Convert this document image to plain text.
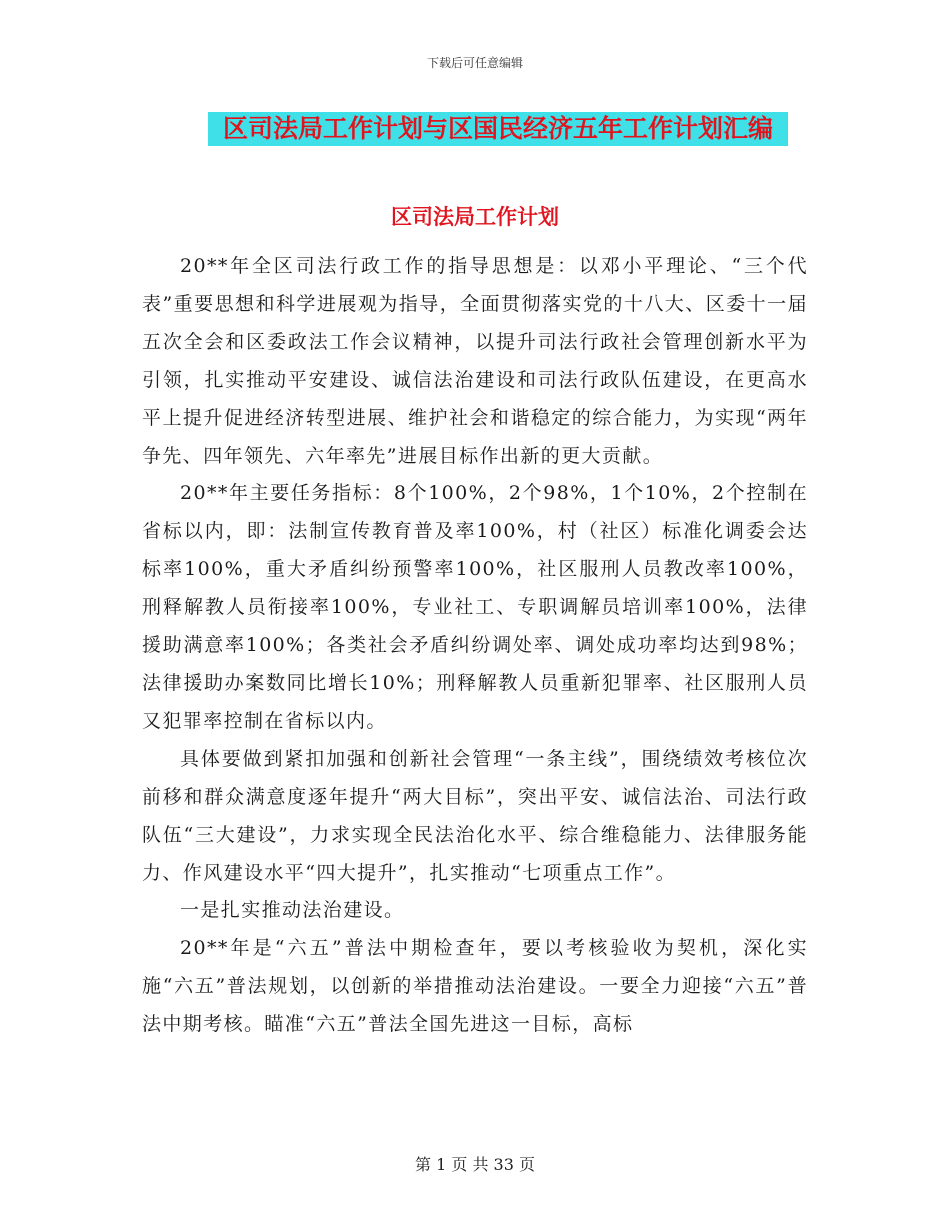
下载后可任意编辑
区司法局工作计划与区国民经济五年工作计划汇编
区司法局工作计划

20**年全区司法行政工作的指导思想是：以邓小平理论、“三个代表”重要思想和科学进展观为指导，全面贯彻落实党的十八大、区委十一届五次全会和区委政法工作会议精神，以提升司法行政社会管理创新水平为引领，扎实推动平安建设、诚信法治建设和司法行政队伍建设，在更高水平上提升促进经济转型进展、维护社会和谐稳定的综合能力，为实现“两年争先、四年领先、六年率先”进展目标作出新的更大贡献。

20**年主要任务指标：8个100%，2个98%，1个10%，2个控制在省标以内，即：法制宣传教育普及率100%，村（社区）标准化调委会达标率100%，重大矛盾纠纷预警率100%，社区服刑人员教改率100%，刑释解教人员衔接率100%，专业社工、专职调解员培训率100%，法律援助满意率100%；各类社会矛盾纠纷调处率、调处成功率均达到98%；法律援助办案数同比增长10%；刑释解教人员重新犯罪率、社区服刑人员又犯罪率控制在省标以内。

具体要做到紧扣加强和创新社会管理“一条主线”，围绕绩效考核位次前移和群众满意度逐年提升“两大目标”，突出平安、诚信法治、司法行政队伍“三大建设”，力求实现全民法治化水平、综合维稳能力、法律服务能力、作风建设水平“四大提升”，扎实推动“七项重点工作”。

一是扎实推动法治建设。

20**年是“六五”普法中期检查年，要以考核验收为契机，深化实施“六五”普法规划，以创新的举措推动法治建设。一要全力迎接“六五”普法中期考核。瞄准“六五”普法全国先进这一目标，高标

第 1 页 共 33 页
